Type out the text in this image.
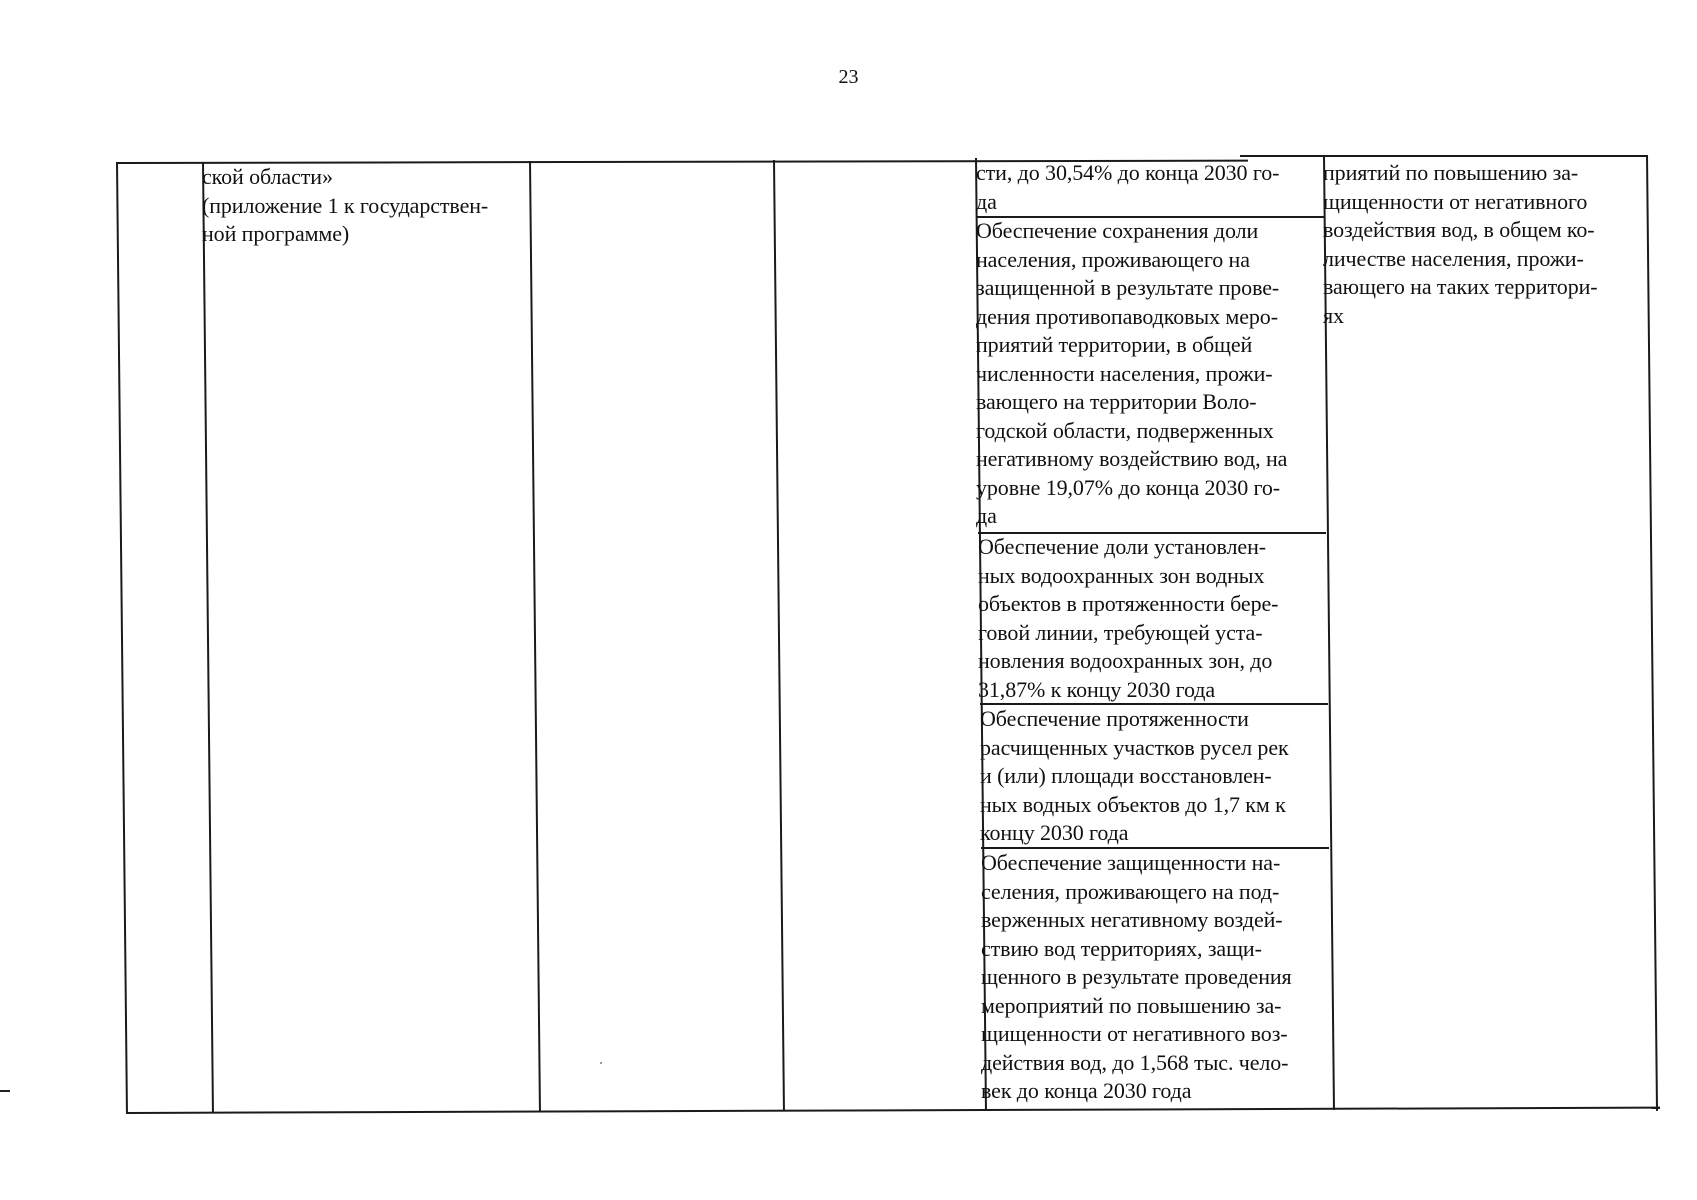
23
ской области»
(приложение 1 к государствен-
ной программе)
сти, до 30,54% до конца 2030 го-
да
Обеспечение сохранения доли
населения, проживающего на
защищенной в результате прове-
дения противопаводковых меро-
приятий территории, в общей
численности населения, прожи-
вающего на территории Воло-
годской области, подверженных
негативному воздействию вод, на
уровне 19,07% до конца 2030 го-
да
Обеспечение доли установлен-
ных водоохранных зон водных
объектов в протяженности бере-
говой линии, требующей уста-
новления водоохранных зон, до
31,87% к концу 2030 года
Обеспечение протяженности
расчищенных участков русел рек
и (или) площади восстановлен-
ных водных объектов до 1,7 км к
концу 2030 года
Обеспечение защищенности на-
селения, проживающего на под-
верженных негативному воздей-
ствию вод территориях, защи-
щенного в результате проведения
мероприятий по повышению за-
щищенности от негативного воз-
действия вод, до 1,568 тыс. чело-
век до конца 2030 года
приятий по повышению за-
щищенности от негативного
воздействия вод, в общем ко-
личестве населения, прожи-
вающего на таких территори-
ях
